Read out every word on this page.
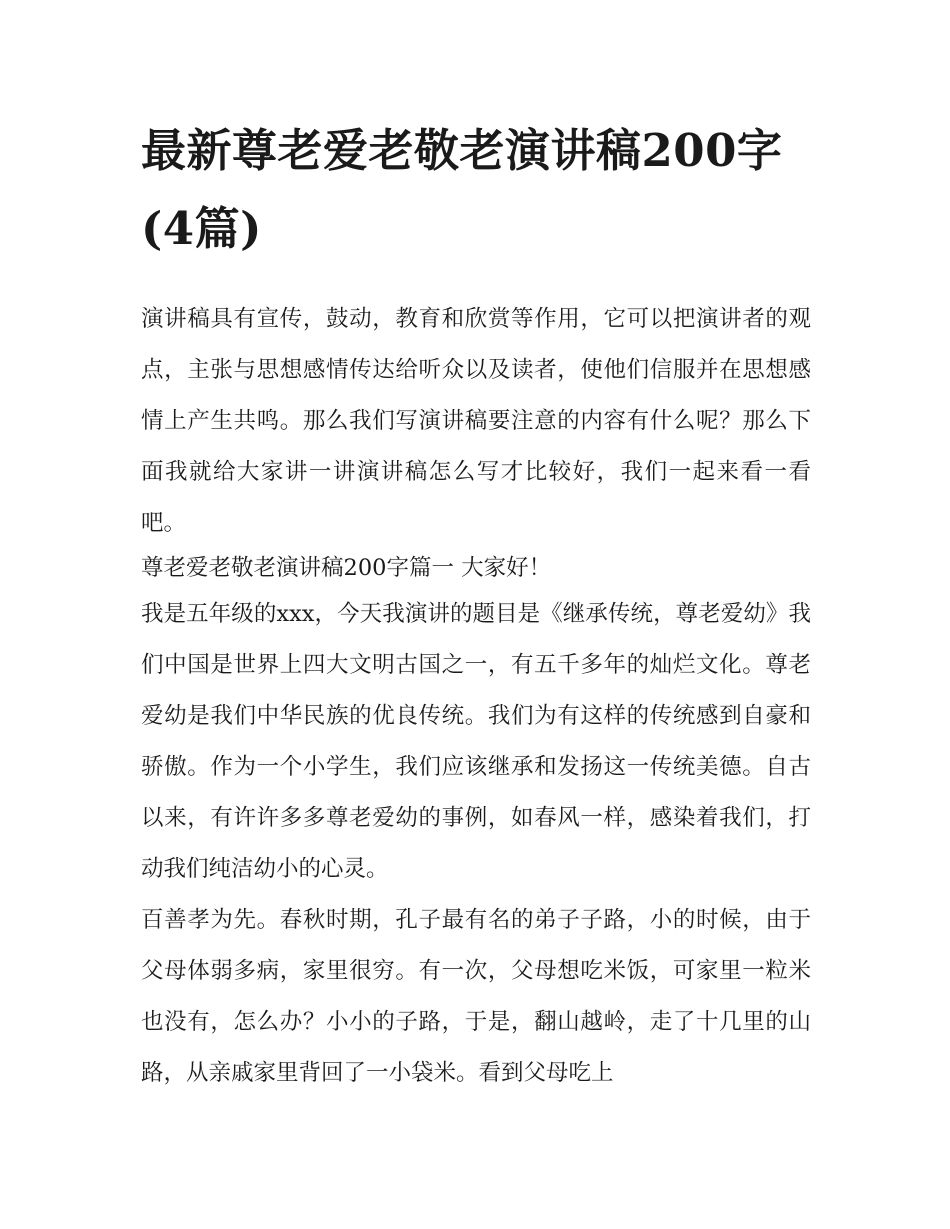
最新尊老爱老敬老演讲稿200字(4篇)

演讲稿具有宣传，鼓动，教育和欣赏等作用，它可以把演讲者的观点，主张与思想感情传达给听众以及读者，使他们信服并在思想感情上产生共鸣。那么我们写演讲稿要注意的内容有什么呢？那么下面我就给大家讲一讲演讲稿怎么写才比较好，我们一起来看一看吧。

尊老爱老敬老演讲稿200字篇一 大家好！

我是五年级的xxx，今天我演讲的题目是《继承传统，尊老爱幼》我们中国是世界上四大文明古国之一，有五千多年的灿烂文化。尊老爱幼是我们中华民族的优良传统。我们为有这样的传统感到自豪和骄傲。作为一个小学生，我们应该继承和发扬这一传统美德。自古以来，有许许多多尊老爱幼的事例，如春风一样，感染着我们，打动我们纯洁幼小的心灵。

百善孝为先。春秋时期，孔子最有名的弟子子路，小的时候，由于父母体弱多病，家里很穷。有一次，父母想吃米饭，可家里一粒米也没有，怎么办？小小的子路，于是，翻山越岭，走了十几里的山路，从亲戚家里背回了一小袋米。看到父母吃上
